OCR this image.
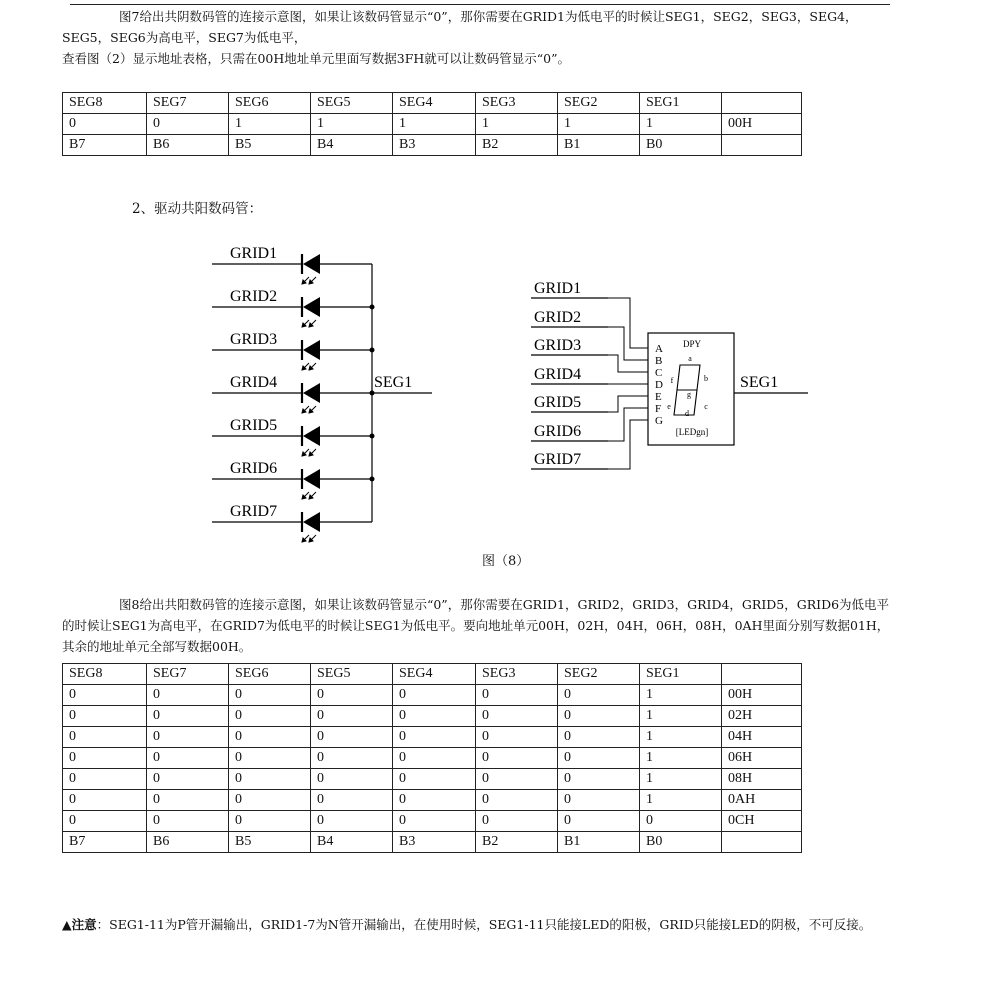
图7给出共阴数码管的连接示意图，如果让该数码管显示“0”，那你需要在GRID1为低电平的时候让SEG1，SEG2，SEG3，SEG4，SEG5，SEG6为高电平，SEG7为低电平，

查看图（2）显示地址表格，只需在00H地址单元里面写数据3FH就可以让数码管显示“0”。

SEG8	SEG7	SEG6	SEG5	SEG4	SEG3	SEG2	SEG1	
0	0	1	1	1	1	1	1	00H
B7	B6	B5	B4	B3	B2	B1	B0	

2、驱动共阳数码管：

GRID1
GRID2
GRID3
GRID4
GRID5
GRID6
GRID7
SEG1
GRID1
GRID2
GRID3
GRID4
GRID5
GRID6
GRID7
A
B
C
D
E
F
G
DPY
a
b
c
d
e
f
g
[LEDgn]
SEG1

图（8）

图8给出共阳数码管的连接示意图，如果让该数码管显示“0”，那你需要在GRID1，GRID2，GRID3，GRID4，GRID5，GRID6为低电平的时候让SEG1为高电平，在GRID7为低电平的时候让SEG1为低电平。要向地址单元00H，02H，04H，06H，08H，0AH里面分别写数据01H，其余的地址单元全部写数据00H。

SEG8	SEG7	SEG6	SEG5	SEG4	SEG3	SEG2	SEG1	
0	0	0	0	0	0	0	1	00H
0	0	0	0	0	0	0	1	02H
0	0	0	0	0	0	0	1	04H
0	0	0	0	0	0	0	1	06H
0	0	0	0	0	0	0	1	08H
0	0	0	0	0	0	0	1	0AH
0	0	0	0	0	0	0	0	0CH
B7	B6	B5	B4	B3	B2	B1	B0	

▲注意：SEG1-11为P管开漏输出，GRID1-7为N管开漏输出，在使用时候，SEG1-11只能接LED的阳极，GRID只能接LED的阴极，不可反接。
